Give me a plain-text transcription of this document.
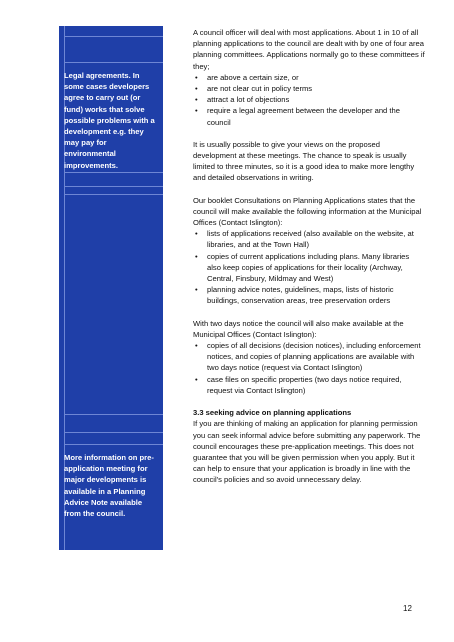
Legal agreements. In some cases developers agree to carry out (or fund) works that solve possible problems with a development e.g. they may pay for environmental improvements.

More information on pre-application meeting for major developments is available in a Planning Advice Note available from the council.

A council officer will deal with most applications. About 1 in 10 of all planning applications to the council are dealt with by one of four area planning committees. Applications normally go to these committees if they;

• are above a certain size, or
• are not clear cut in policy terms
• attract a lot of objections
• require a legal agreement between the developer and the council

It is usually possible to give your views on the proposed development at these meetings. The chance to speak is usually limited to three minutes, so it is a good idea to make more lengthy and detailed observations in writing.

Our booklet Consultations on Planning Applications states that the council will make available the following information at the Municipal Offices (Contact Islington):

• lists of applications received (also available on the website, at libraries, and at the Town Hall)
• copies of current applications including plans. Many libraries also keep copies of applications for their locality (Archway, Central, Finsbury, Mildmay and West)
• planning advice notes, guidelines, maps, lists of historic buildings, conservation areas, tree preservation orders

With two days notice the council will also make available at the Municipal Offices (Contact Islington):

• copies of all decisions (decision notices), including enforcement notices, and copies of planning applications are available with two days notice (request via Contact Islington)
• case files on specific properties (two days notice required, request via Contact Islington)

3.3 seeking advice on planning applications

If you are thinking of making an application for planning permission you can seek informal advice before submitting any paperwork. The council encourages these pre-application meetings. This does not guarantee that you will be given permission when you apply. But it can help to ensure that your application is broadly in line with the council's policies and so avoid unnecessary delay.

12
